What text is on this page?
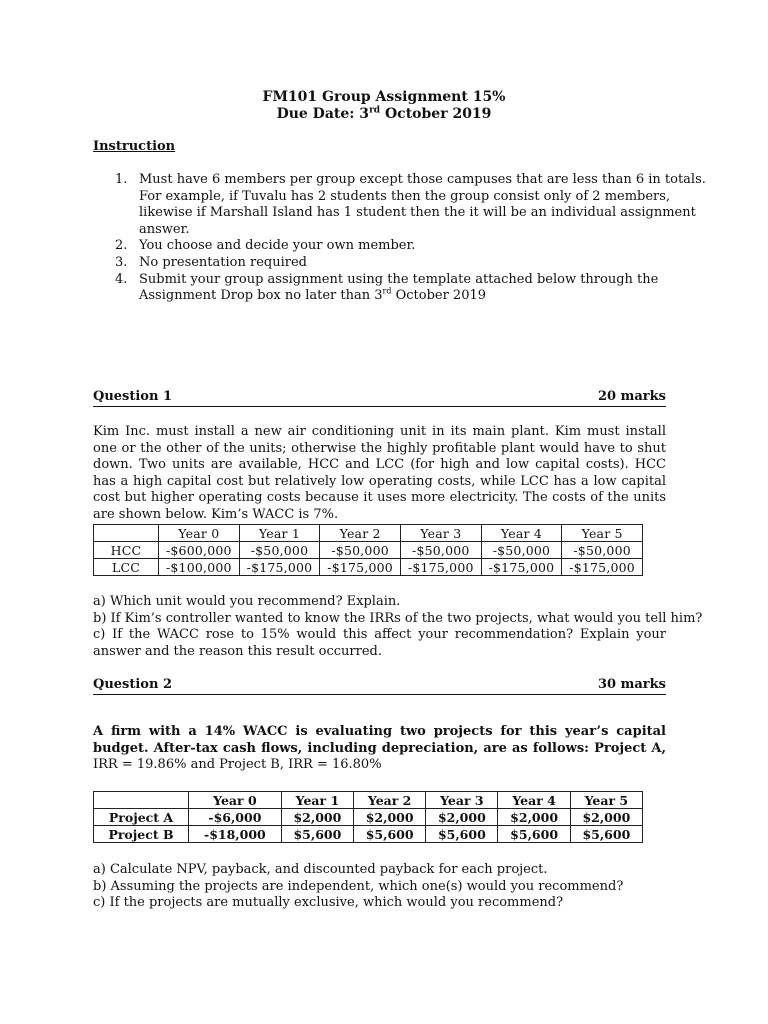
FM101 Group Assignment 15%
Due Date: 3rd October 2019
Instruction
1. Must have 6 members per group except those campuses that are less than 6 in totals. For example, if Tuvalu has 2 students then the group consist only of 2 members, likewise if Marshall Island has 1 student then the it will be an individual assignment answer.
2. You choose and decide your own member.
3. No presentation required
4. Submit your group assignment using the template attached below through the Assignment Drop box no later than 3rd October 2019
Question 1	20 marks

Kim Inc. must install a new air conditioning unit in its main plant. Kim must install one or the other of the units; otherwise the highly profitable plant would have to shut down. Two units are available, HCC and LCC (for high and low capital costs). HCC has a high capital cost but relatively low operating costs, while LCC has a low capital cost but higher operating costs because it uses more electricity. The costs of the units are shown below. Kim’s WACC is 7%.

	Year 0	Year 1	Year 2	Year 3	Year 4	Year 5
HCC	-$600,000	-$50,000	-$50,000	-$50,000	-$50,000	-$50,000
LCC	-$100,000	-$175,000	-$175,000	-$175,000	-$175,000	-$175,000
a) Which unit would you recommend? Explain.
b) If Kim’s controller wanted to know the IRRs of the two projects, what would you tell him?
c) If the WACC rose to 15% would this affect your recommendation? Explain your answer and the reason this result occurred.
Question 2	30 marks

A firm with a 14% WACC is evaluating two projects for this year’s capital budget. After-tax cash flows, including depreciation, are as follows: Project A, IRR = 19.86% and Project B, IRR = 16.80%

	Year 0	Year 1	Year 2	Year 3	Year 4	Year 5
Project A	-$6,000	$2,000	$2,000	$2,000	$2,000	$2,000
Project B	-$18,000	$5,600	$5,600	$5,600	$5,600	$5,600
a) Calculate NPV, payback, and discounted payback for each project.
b) Assuming the projects are independent, which one(s) would you recommend?
c) If the projects are mutually exclusive, which would you recommend?
